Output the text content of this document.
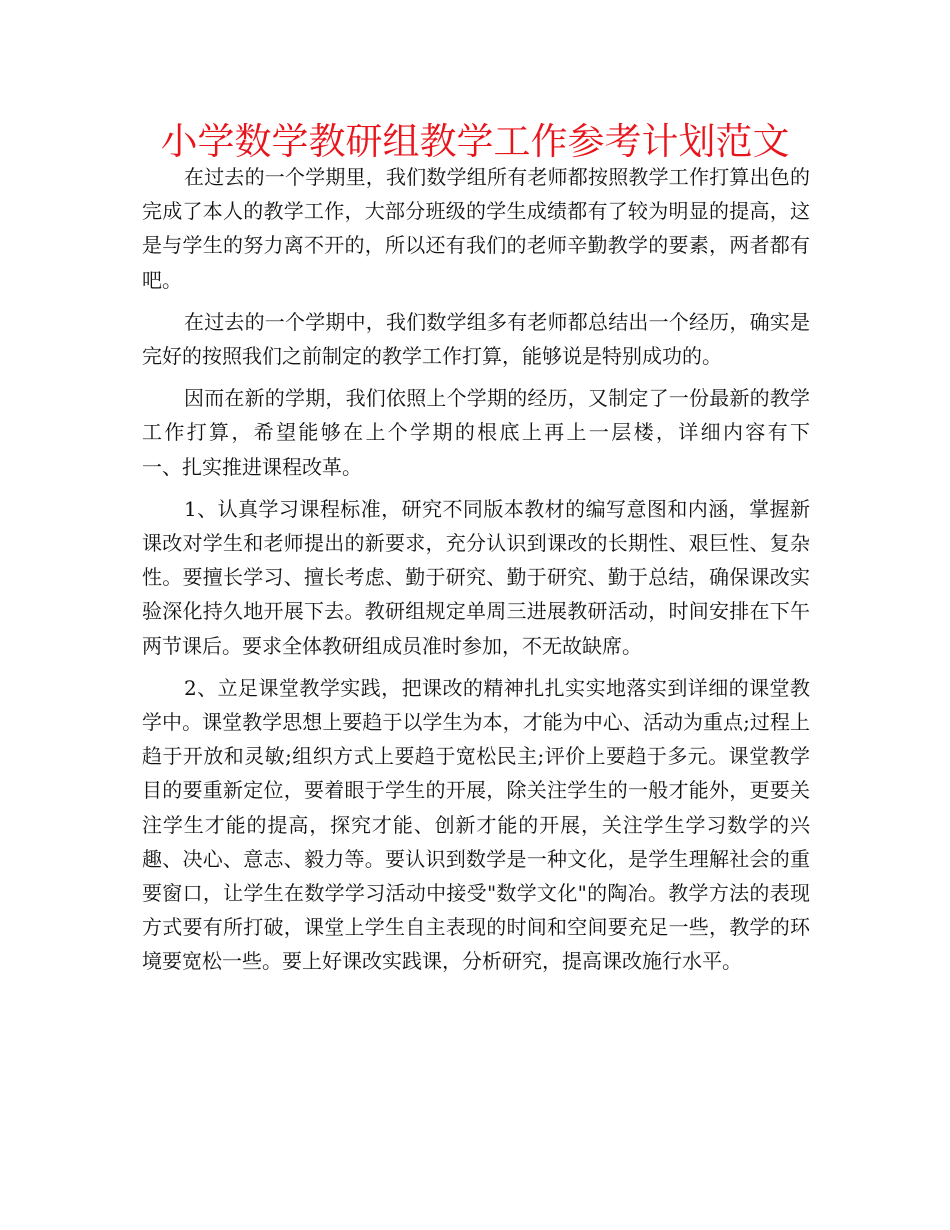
小学数学教研组教学工作参考计划范文

在过去的一个学期里，我们数学组所有老师都按照教学工作打算出色的完成了本人的教学工作，大部分班级的学生成绩都有了较为明显的提高，这是与学生的努力离不开的，所以还有我们的老师辛勤教学的要素，两者都有吧。

在过去的一个学期中，我们数学组多有老师都总结出一个经历，确实是完好的按照我们之前制定的教学工作打算，能够说是特别成功的。

因而在新的学期，我们依照上个学期的经历，又制定了一份最新的教学工作打算，希望能够在上个学期的根底上再上一层楼，详细内容有下　　一、扎实推进课程改革。

1、认真学习课程标准，研究不同版本教材的编写意图和内涵，掌握新课改对学生和老师提出的新要求，充分认识到课改的长期性、艰巨性、复杂性。要擅长学习、擅长考虑、勤于研究、勤于研究、勤于总结，确保课改实验深化持久地开展下去。教研组规定单周三进展教研活动，时间安排在下午两节课后。要求全体教研组成员准时参加，不无故缺席。

2、立足课堂教学实践，把课改的精神扎扎实实地落实到详细的课堂教学中。课堂教学思想上要趋于以学生为本，才能为中心、活动为重点;过程上趋于开放和灵敏;组织方式上要趋于宽松民主;评价上要趋于多元。课堂教学目的要重新定位，要着眼于学生的开展，除关注学生的一般才能外，更要关注学生才能的提高，探究才能、创新才能的开展，关注学生学习数学的兴趣、决心、意志、毅力等。要认识到数学是一种文化，是学生理解社会的重要窗口，让学生在数学学习活动中接受"数学文化"的陶冶。教学方法的表现方式要有所打破，课堂上学生自主表现的时间和空间要充足一些，教学的环境要宽松一些。要上好课改实践课，分析研究，提高课改施行水平。
